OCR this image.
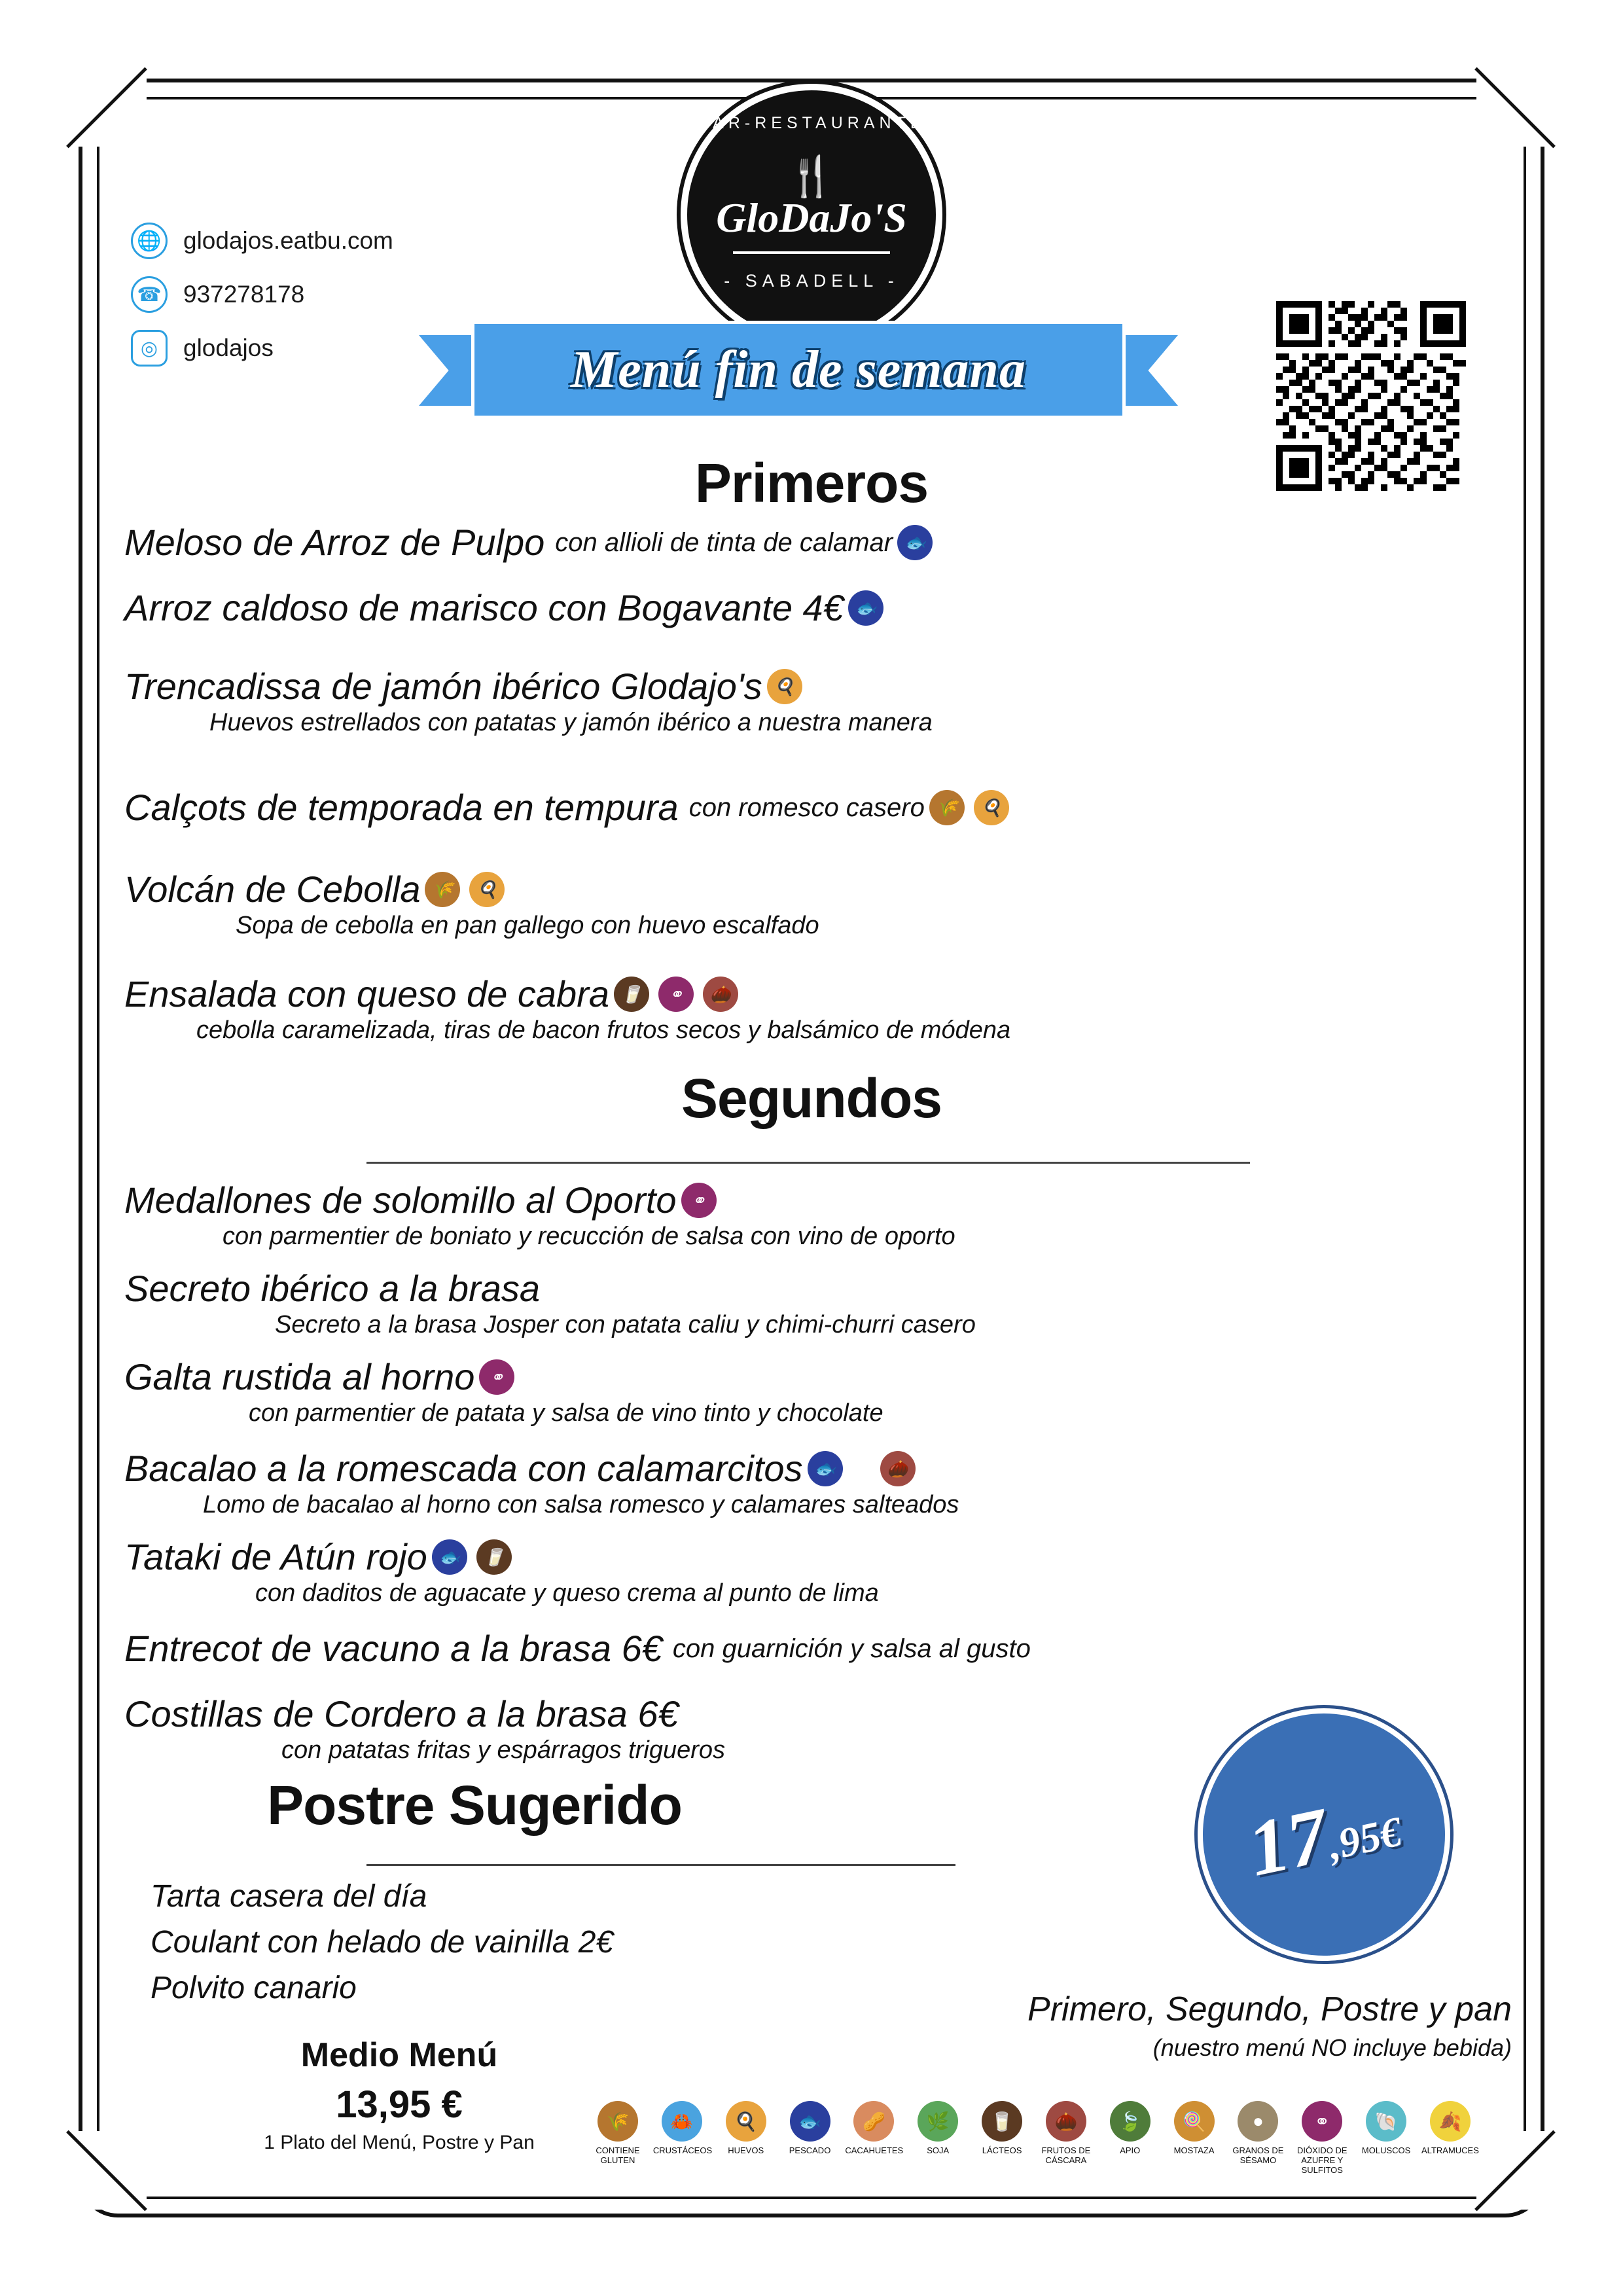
🌐 glodajos.eatbu.com
☎ 937278178
◎	glodajos
BAR-RESTAURANTE
🍴
GloDaJo'S
- SABADELL -
Menú fin de semana
Primeros
Meloso de Arroz de Pulpo con allioli de tinta de calamar 🐟
Arroz caldoso de marisco con Bogavante 4€ 🐟
Trencadissa de jamón ibérico Glodajo's 🍳
Huevos estrellados con patatas y jamón ibérico a nuestra manera
Calçots de temporada en tempura con romesco casero 🌾	🍳
Volcán de Cebolla 🌾	🍳
Sopa de cebolla en pan gallego con huevo escalfado
Ensalada con queso de cabra 🥛	⚭	🌰
cebolla caramelizada, tiras de bacon frutos secos y balsámico de módena
Segundos
Medallones de solomillo al Oporto ⚭
con parmentier de boniato y recucción de salsa con vino de oporto
Secreto ibérico a la brasa
Secreto a la brasa Josper con patata caliu y chimi-churri casero
Galta rustida al horno ⚭
con parmentier de patata y salsa de vino tinto y chocolate
Bacalao a la romescada con calamarcitos 🐟	🌰
Lomo de bacalao al horno con salsa romesco y calamares salteados
Tataki de Atún rojo 🐟	🥛
con daditos de aguacate y queso crema al punto de lima
Entrecot de vacuno a la brasa 6€ con guarnición y salsa al gusto
Costillas de Cordero a la brasa 6€
con patatas fritas y espárragos trigueros
Postre Sugerido
Tarta casera del día
Coulant con helado de vainilla 2€
Polvito canario
17,95€
Primero, Segundo, Postre y pan
(nuestro menú NO incluye bebida)
Medio Menú
13,95 €
1 Plato del Menú, Postre y Pan
🌾
CONTIENE GLUTEN
🦀
CRUSTÁCEOS
🍳
HUEVOS
🐟
PESCADO
🥜
CACAHUETES
🌿
SOJA
🥛
LÁCTEOS
🌰
FRUTOS DE CÁSCARA
🍃
APIO
🍭
MOSTAZA
●
GRANOS DE SÉSAMO
⚭
DIÓXIDO DE AZUFRE Y SULFITOS
🐚
MOLUSCOS
🍂
ALTRAMUCES
